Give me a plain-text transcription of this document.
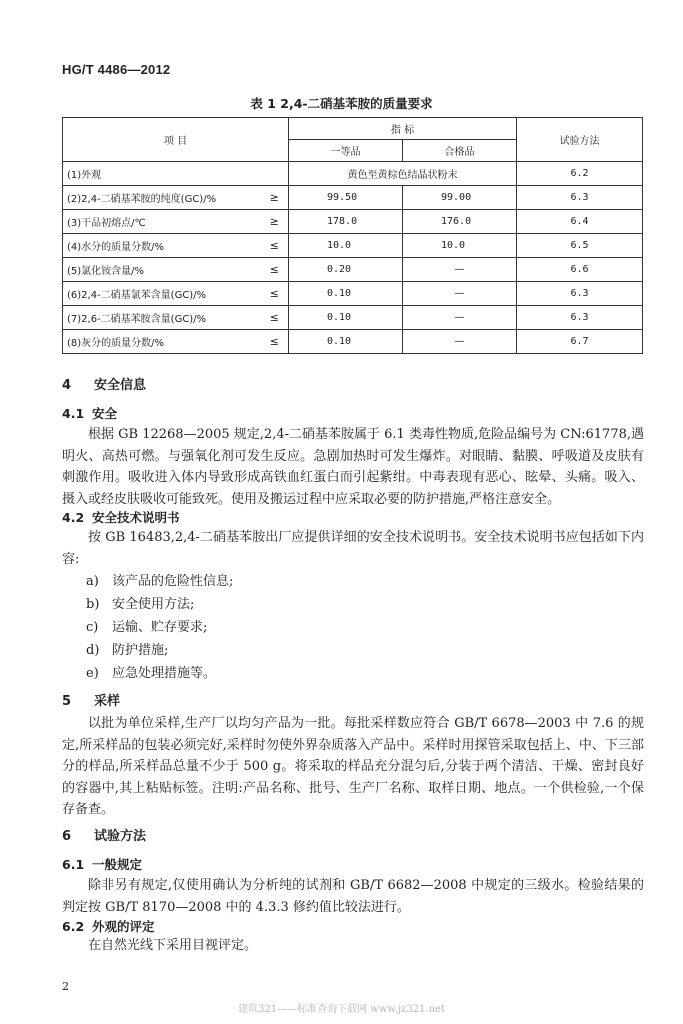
HG/T 4486—2012
表 1 2,4-二硝基苯胺的质量要求
项 目		指 标		试验方法
		一等品	合格品	
(1)外观		黄色至黄棕色结晶状粉末		6.2
(2)2,4-二硝基苯胺的纯度(GC)/%	≥	99.50	99.00	6.3
(3)干品初熔点/℃	≥	178.0	176.0	6.4
(4)水分的质量分数/%	≤	10.0	10.0	6.5
(5)氯化铵含量/%	≤	0.20	—	6.6
(6)2,4-二硝基氯苯含量(GC)/%	≤	0.10	—	6.3
(7)2,6-二硝基苯胺含量(GC)/%	≤	0.10	—	6.3
(8)灰分的质量分数/%	≤	0.10	—	6.7
4 安全信息
4.1 安全
根据 GB 12268—2005 规定,2,4-二硝基苯胺属于 6.1 类毒性物质,危险品编号为 CN:61778,遇明火、高热可燃。与强氧化剂可发生反应。急剧加热时可发生爆炸。对眼睛、黏膜、呼吸道及皮肤有刺激作用。吸收进入体内导致形成高铁血红蛋白而引起紫绀。中毒表现有恶心、眩晕、头痛。吸入、摄入或经皮肤吸收可能致死。使用及搬运过程中应采取必要的防护措施,严格注意安全。
4.2 安全技术说明书
按 GB 16483,2,4-二硝基苯胺出厂应提供详细的安全技术说明书。安全技术说明书应包括如下内容:
a) 该产品的危险性信息;
b) 安全使用方法;
c) 运输、贮存要求;
d) 防护措施;
e) 应急处理措施等。
5 采样
以批为单位采样,生产厂以均匀产品为一批。每批采样数应符合 GB/T 6678—2003 中 7.6 的规定,所采样品的包装必须完好,采样时勿使外界杂质落入产品中。采样时用探管采取包括上、中、下三部分的样品,所采样品总量不少于 500 g。将采取的样品充分混匀后,分装于两个清洁、干燥、密封良好的容器中,其上粘贴标签。注明:产品名称、批号、生产厂名称、取样日期、地点。一个供检验,一个保存备查。
6 试验方法
6.1 一般规定
除非另有规定,仅使用确认为分析纯的试剂和 GB/T 6682—2008 中规定的三级水。检验结果的判定按 GB/T 8170—2008 中的 4.3.3 修约值比较法进行。
6.2 外观的评定
在自然光线下采用目视评定。
2
建筑321——标准查询下载网 www.jz321.net
